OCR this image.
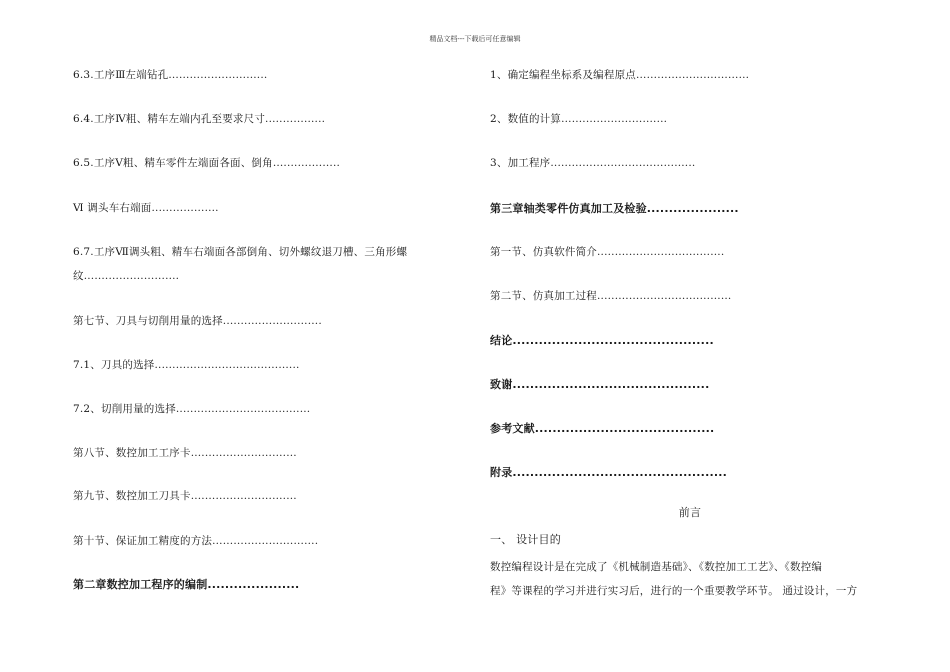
精品文档---下载后可任意编辑
6.3.工序Ⅲ左端钻孔............................
6.4.工序Ⅳ粗、精车左端内孔至要求尺寸.................
6.5.工序Ⅴ粗、精车零件左端面各面、倒角...................
Ⅵ 调头车右端面...................
6.7.工序Ⅶ调头粗、精车右端面各部倒角、切外螺纹退刀槽、三角形螺
纹...........................
第七节、刀具与切削用量的选择............................
7.1、刀具的选择.........................................
7.2、切削用量的选择......................................
第八节、数控加工工序卡..............................
第九节、数控加工刀具卡..............................
第十节、保证加工精度的方法..............................
第二章数控加工程序的编制.....................
1、确定编程坐标系及编程原点................................
2、数值的计算..............................
3、加工程序.........................................
第三章轴类零件仿真加工及检验.....................
第一节、仿真软件简介....................................
第二节、仿真加工过程......................................
结论..............................................
致谢.............................................
参考文献.........................................
附录.................................................
前言
一、 设计目的
数控编程设计是在完成了《机械制造基础》、《数控加工工艺》、《数控编
程》等课程的学习并进行实习后，进行的一个重要教学环节。 通过设计，一方
